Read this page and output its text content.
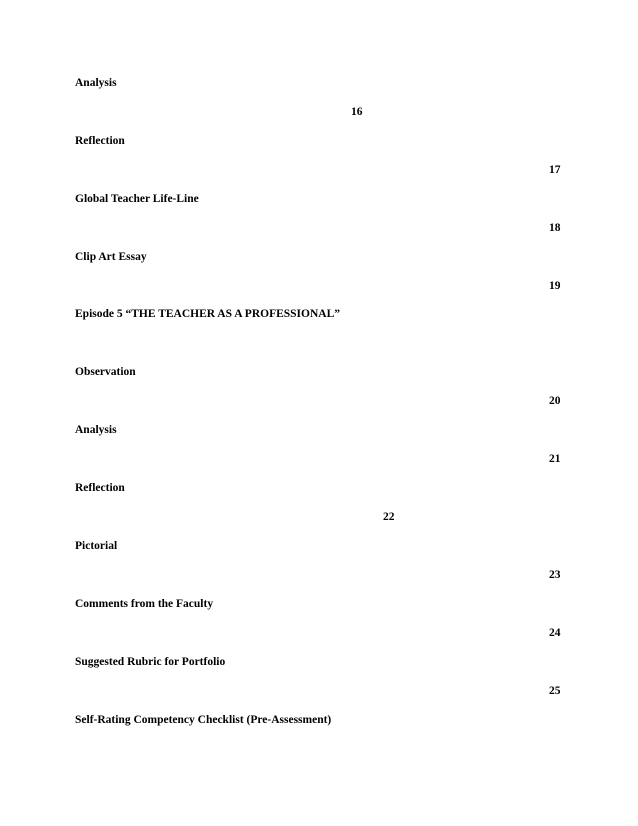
Analysis
16
Reflection
17
Global Teacher Life-Line
18
Clip Art Essay
19
Episode 5 “THE TEACHER AS A PROFESSIONAL”
Observation
20
Analysis
21
Reflection
22
Pictorial
23
Comments from the Faculty
24
Suggested Rubric for Portfolio
25
Self-Rating Competency Checklist (Pre-Assessment)
